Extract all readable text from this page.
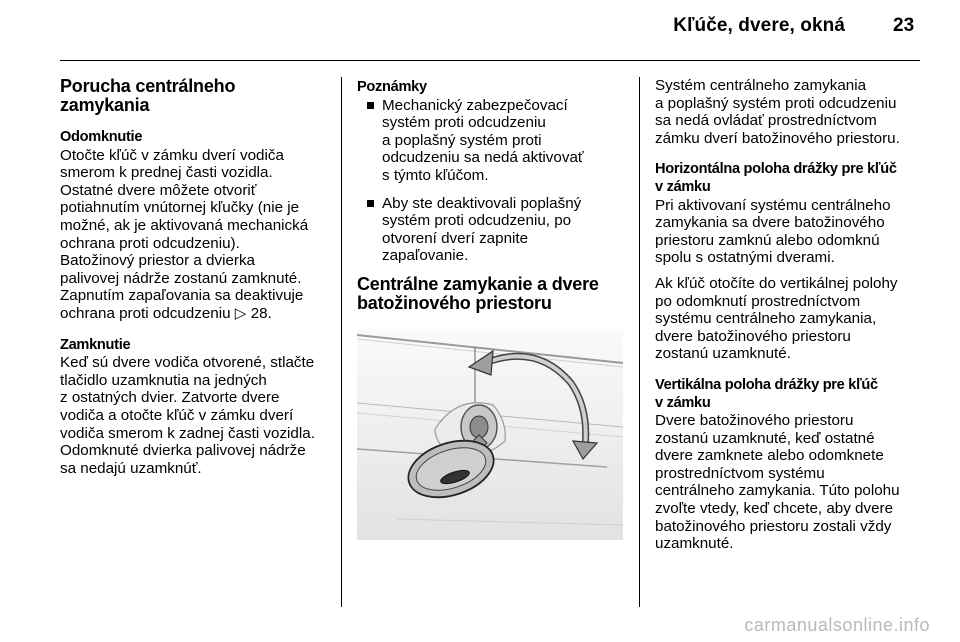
Kľúče, dvere, okná	23
Porucha centrálneho
zamykania
Odomknutie

Otočte kľúč v zámku dverí vodiča
smerom k prednej časti vozidla.
Ostatné dvere môžete otvoriť
potiahnutím vnútornej kľučky (nie je
možné, ak je aktivovaná mechanická
ochrana proti odcudzeniu).
Batožinový priestor a dvierka
palivovej nádrže zostanú zamknuté.
Zapnutím zapaľovania sa deaktivuje
ochrana proti odcudzeniu ▷ 28.

Zamknutie

Keď sú dvere vodiča otvorené, stlačte
tlačidlo uzamknutia na jedných
z ostatných dvier. Zatvorte dvere
vodiča a otočte kľúč v zámku dverí
vodiča smerom k zadnej časti vozidla.
Odomknuté dvierka palivovej nádrže
sa nedajú uzamknúť.

Poznámky
Mechanický zabezpečovací
systém proti odcudzeniu
a poplašný systém proti
odcudzeniu sa nedá aktivovať
s týmto kľúčom.
Aby ste deaktivovali poplašný
systém proti odcudzeniu, po
otvorení dverí zapnite
zapaľovanie.
Centrálne zamykanie a dvere
batožinového priestoru

Systém centrálneho zamykania
a poplašný systém proti odcudzeniu
sa nedá ovládať prostredníctvom
zámku dverí batožinového priestoru.

Horizontálna poloha drážky pre kľúč
v zámku

Pri aktivovaní systému centrálneho
zamykania sa dvere batožinového
priestoru zamknú alebo odomknú
spolu s ostatnými dverami.

Ak kľúč otočíte do vertikálnej polohy
po odomknutí prostredníctvom
systému centrálneho zamykania,
dvere batožinového priestoru
zostanú uzamknuté.

Vertikálna poloha drážky pre kľúč
v zámku

Dvere batožinového priestoru
zostanú uzamknuté, keď ostatné
dvere zamknete alebo odomknete
prostredníctvom systému
centrálneho zamykania. Túto polohu
zvoľte vtedy, keď chcete, aby dvere
batožinového priestoru zostali vždy
uzamknuté.

carmanualsonline.info
